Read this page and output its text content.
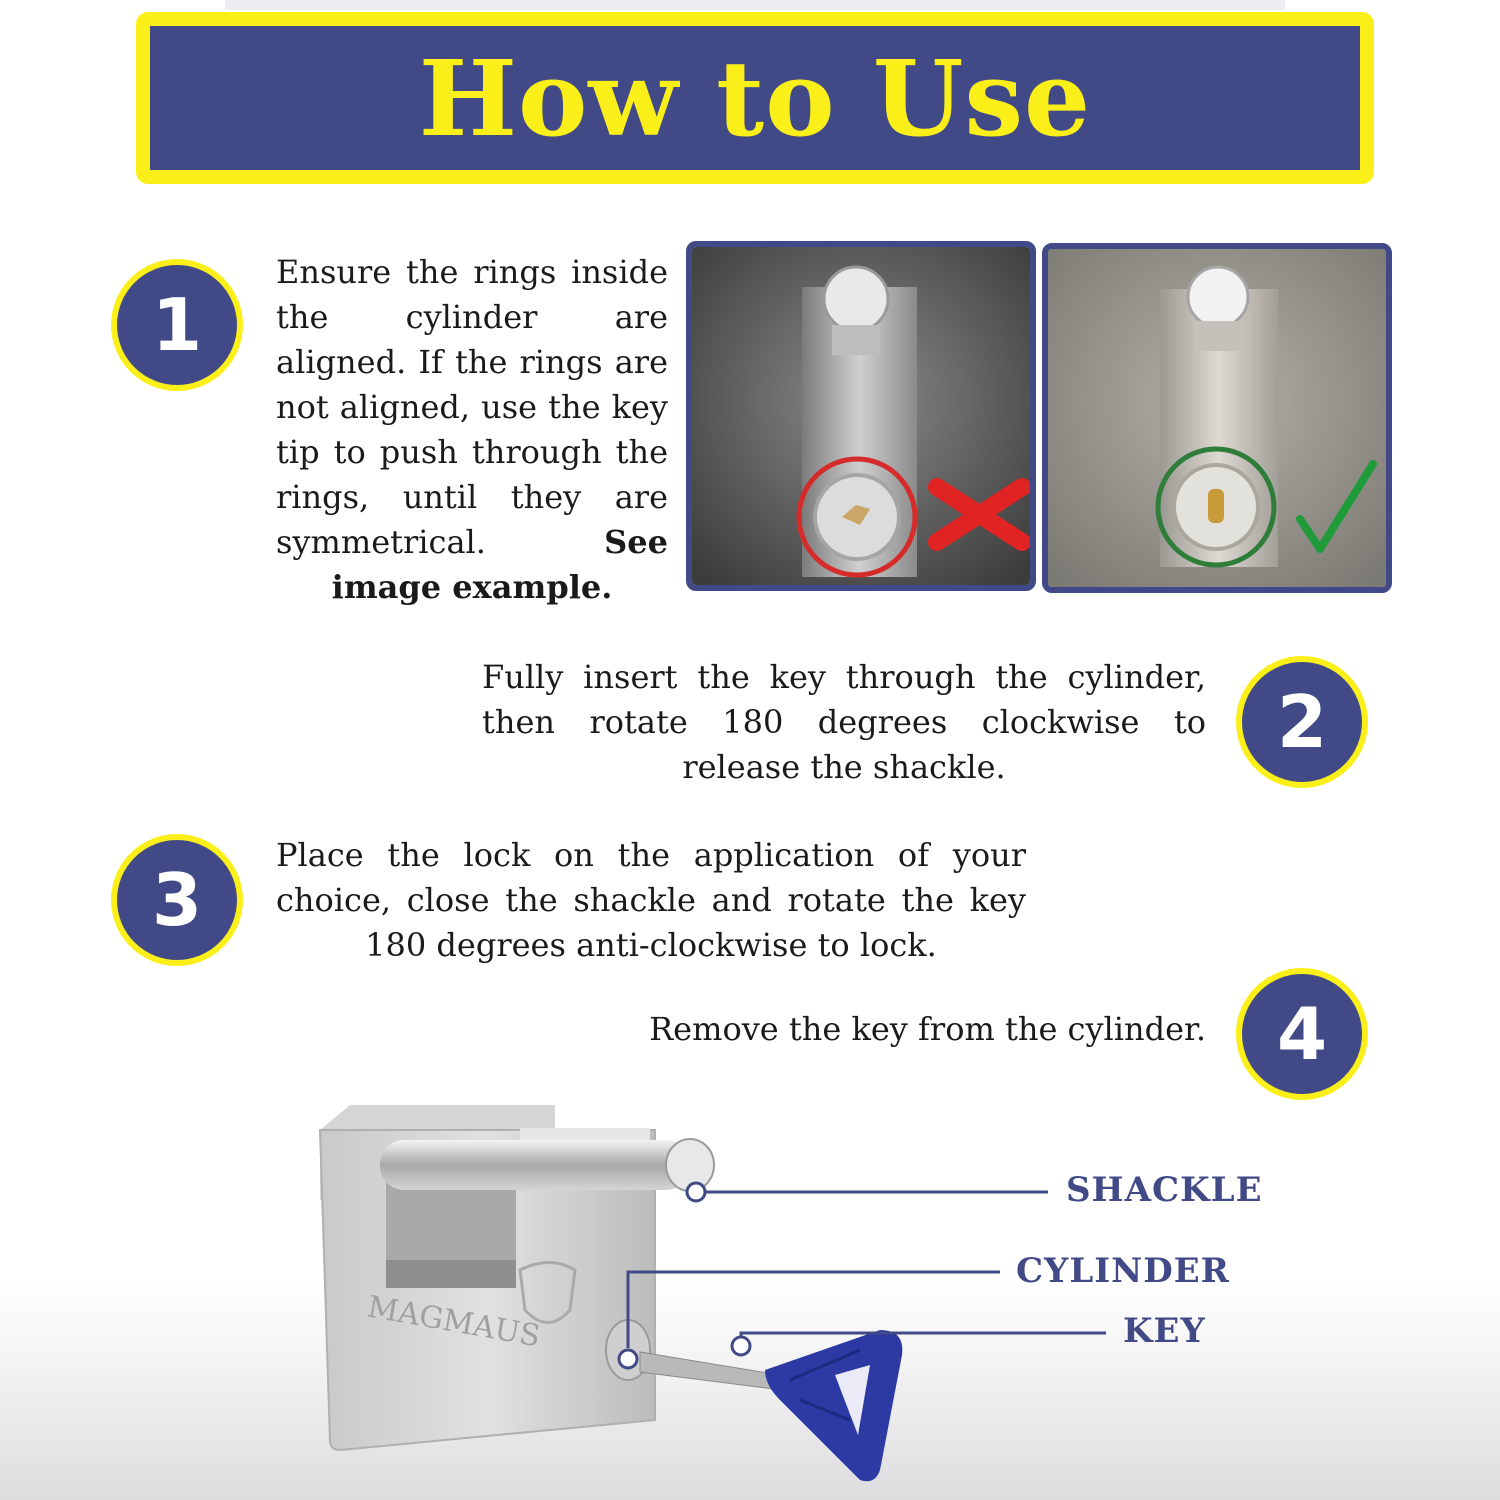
How to Use
1
Ensure the rings inside the cylinder are aligned. If the rings are not aligned, use the key tip to push through the rings, until they are symmetrical.	See image example.
Fully insert the key through the cylinder, then rotate 180 degrees clockwise to release the shackle.
2
3
Place the lock on the application of your choice, close the shackle and rotate the key 180 degrees anti-clockwise to lock.
Remove the key from the cylinder. 4
MAGMAUS
SHACKLE
CYLINDER
KEY
